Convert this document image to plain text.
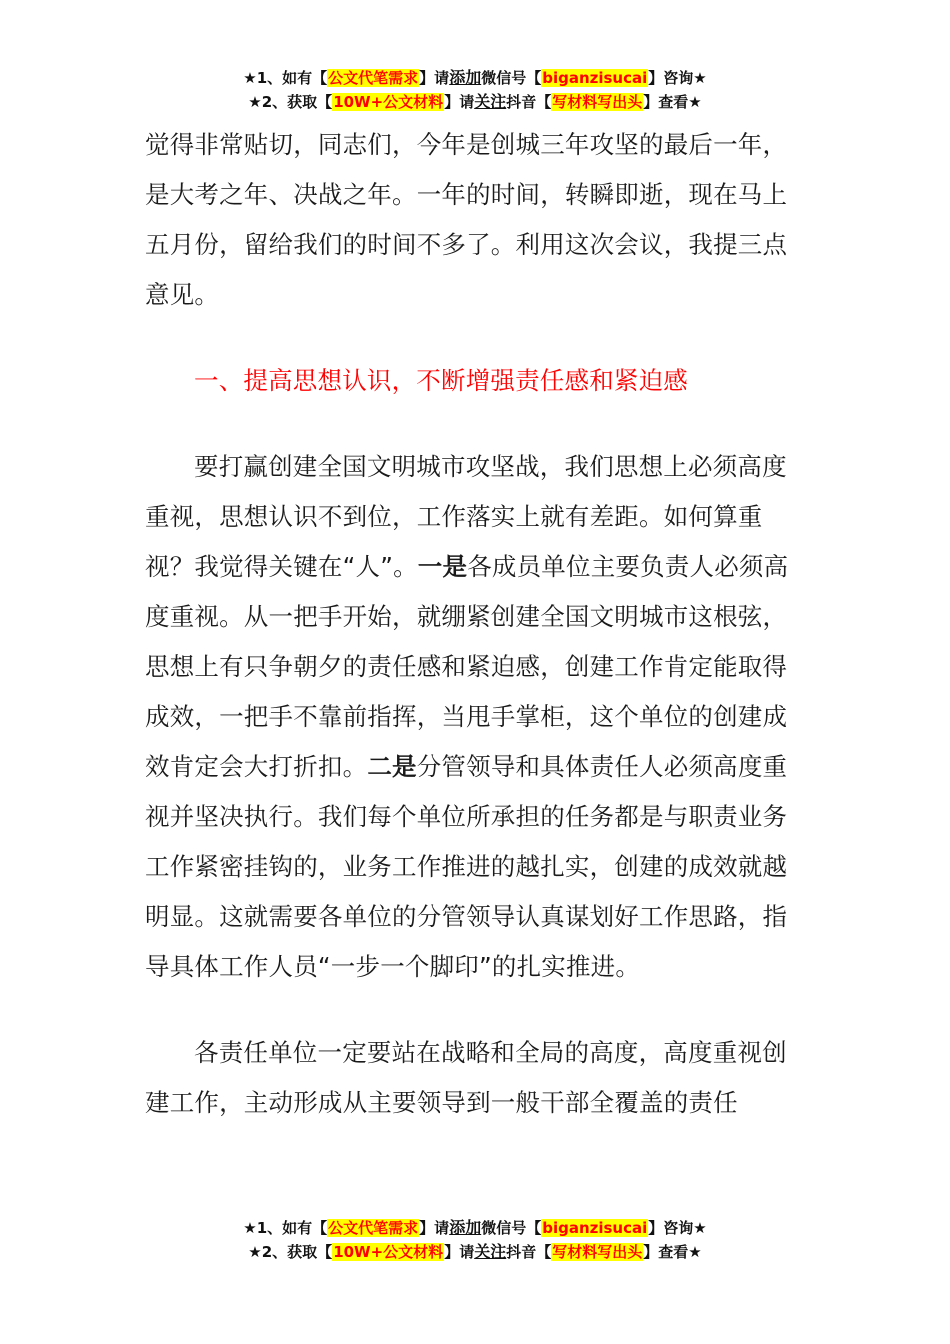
★1、如有【公文代笔需求】请添加微信号【biganzisucai】咨询★
★2、获取【10W+公文材料】请关注抖音【写材料写出头】查看★

觉得非常贴切，同志们，今年是创城三年攻坚的最后一年，是大考之年、决战之年。一年的时间，转瞬即逝，现在马上五月份，留给我们的时间不多了。利用这次会议，我提三点意见。

一、提高思想认识，不断增强责任感和紧迫感

要打赢创建全国文明城市攻坚战，我们思想上必须高度重视，思想认识不到位，工作落实上就有差距。如何算重视？我觉得关键在“人”。一是各成员单位主要负责人必须高度重视。从一把手开始，就绷紧创建全国文明城市这根弦，思想上有只争朝夕的责任感和紧迫感，创建工作肯定能取得成效，一把手不靠前指挥，当甩手掌柜，这个单位的创建成效肯定会大打折扣。二是分管领导和具体责任人必须高度重视并坚决执行。我们每个单位所承担的任务都是与职责业务工作紧密挂钩的，业务工作推进的越扎实，创建的成效就越明显。这就需要各单位的分管领导认真谋划好工作思路，指导具体工作人员“一步一个脚印”的扎实推进。

各责任单位一定要站在战略和全局的高度，高度重视创建工作，主动形成从主要领导到一般干部全覆盖的责任

★1、如有【公文代笔需求】请添加微信号【biganzisucai】咨询★
★2、获取【10W+公文材料】请关注抖音【写材料写出头】查看★
